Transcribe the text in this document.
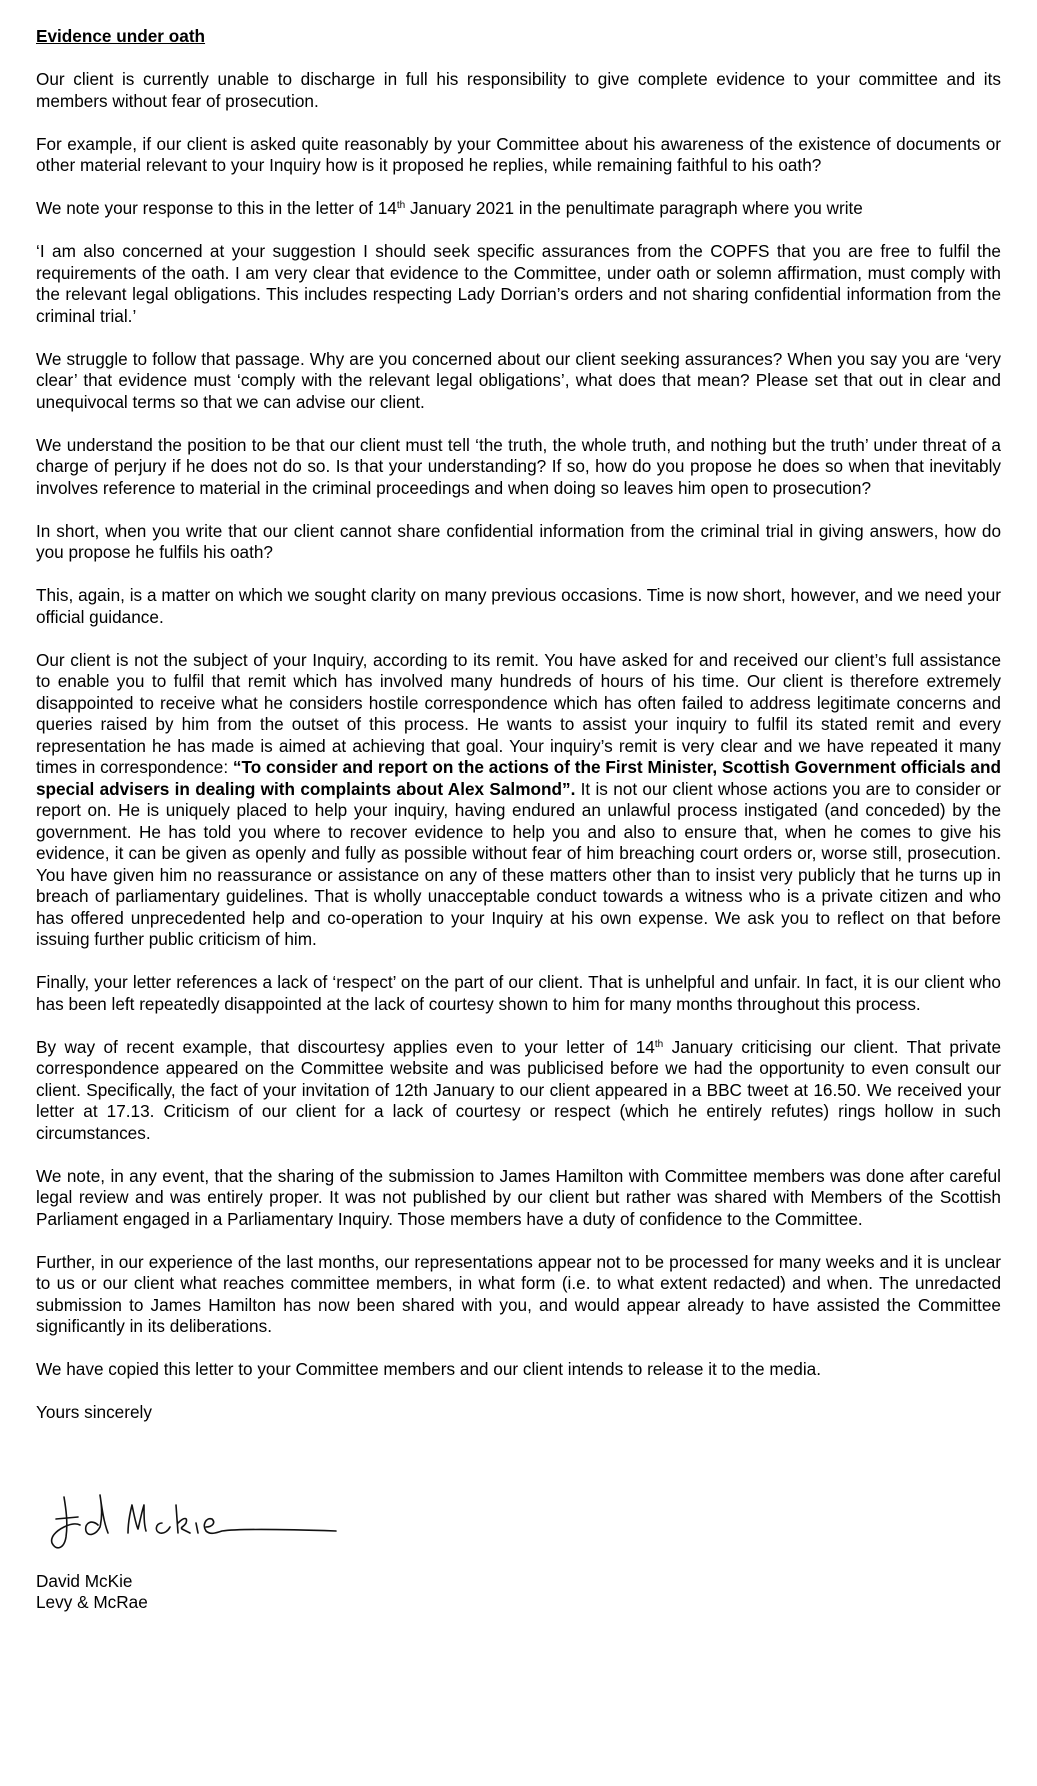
Evidence under oath

Our client is currently unable to discharge in full his responsibility to give complete evidence to your committee and its members without fear of prosecution.

For example, if our client is asked quite reasonably by your Committee about his awareness of the existence of documents or other material relevant to your Inquiry how is it proposed he replies, while remaining faithful to his oath?

We note your response to this in the letter of 14th January 2021 in the penultimate paragraph where you write

‘I am also concerned at your suggestion I should seek specific assurances from the COPFS that you are free to fulfil the requirements of the oath. I am very clear that evidence to the Committee, under oath or solemn affirmation, must comply with the relevant legal obligations. This includes respecting Lady Dorrian’s orders and not sharing confidential information from the criminal trial.’

We struggle to follow that passage. Why are you concerned about our client seeking assurances? When you say you are ‘very clear’ that evidence must ‘comply with the relevant legal obligations’, what does that mean? Please set that out in clear and unequivocal terms so that we can advise our client.

We understand the position to be that our client must tell ‘the truth, the whole truth, and nothing but the truth’ under threat of a charge of perjury if he does not do so. Is that your understanding? If so, how do you propose he does so when that inevitably involves reference to material in the criminal proceedings and when doing so leaves him open to prosecution?

In short, when you write that our client cannot share confidential information from the criminal trial in giving answers, how do you propose he fulfils his oath?

This, again, is a matter on which we sought clarity on many previous occasions. Time is now short, however, and we need your official guidance.

Our client is not the subject of your Inquiry, according to its remit. You have asked for and received our client’s full assistance to enable you to fulfil that remit which has involved many hundreds of hours of his time. Our client is therefore extremely disappointed to receive what he considers hostile correspondence which has often failed to address legitimate concerns and queries raised by him from the outset of this process. He wants to assist your inquiry to fulfil its stated remit and every representation he has made is aimed at achieving that goal. Your inquiry’s remit is very clear and we have repeated it many times in correspondence: “To consider and report on the actions of the First Minister, Scottish Government officials and special advisers in dealing with complaints about Alex Salmond”. It is not our client whose actions you are to consider or report on. He is uniquely placed to help your inquiry, having endured an unlawful process instigated (and conceded) by the government. He has told you where to recover evidence to help you and also to ensure that, when he comes to give his evidence, it can be given as openly and fully as possible without fear of him breaching court orders or, worse still, prosecution. You have given him no reassurance or assistance on any of these matters other than to insist very publicly that he turns up in breach of parliamentary guidelines. That is wholly unacceptable conduct towards a witness who is a private citizen and who has offered unprecedented help and co-operation to your Inquiry at his own expense. We ask you to reflect on that before issuing further public criticism of him.

Finally, your letter references a lack of ‘respect’ on the part of our client. That is unhelpful and unfair. In fact, it is our client who has been left repeatedly disappointed at the lack of courtesy shown to him for many months throughout this process.

By way of recent example, that discourtesy applies even to your letter of 14th January criticising our client. That private correspondence appeared on the Committee website and was publicised before we had the opportunity to even consult our client. Specifically, the fact of your invitation of 12th January to our client appeared in a BBC tweet at 16.50. We received your letter at 17.13. Criticism of our client for a lack of courtesy or respect (which he entirely refutes) rings hollow in such circumstances.

We note, in any event, that the sharing of the submission to James Hamilton with Committee members was done after careful legal review and was entirely proper. It was not published by our client but rather was shared with Members of the Scottish Parliament engaged in a Parliamentary Inquiry. Those members have a duty of confidence to the Committee.

Further, in our experience of the last months, our representations appear not to be processed for many weeks and it is unclear to us or our client what reaches committee members, in what form (i.e. to what extent redacted) and when. The unredacted submission to James Hamilton has now been shared with you, and would appear already to have assisted the Committee significantly in its deliberations.

We have copied this letter to your Committee members and our client intends to release it to the media.

Yours sincerely

David McKie
Levy & McRae
